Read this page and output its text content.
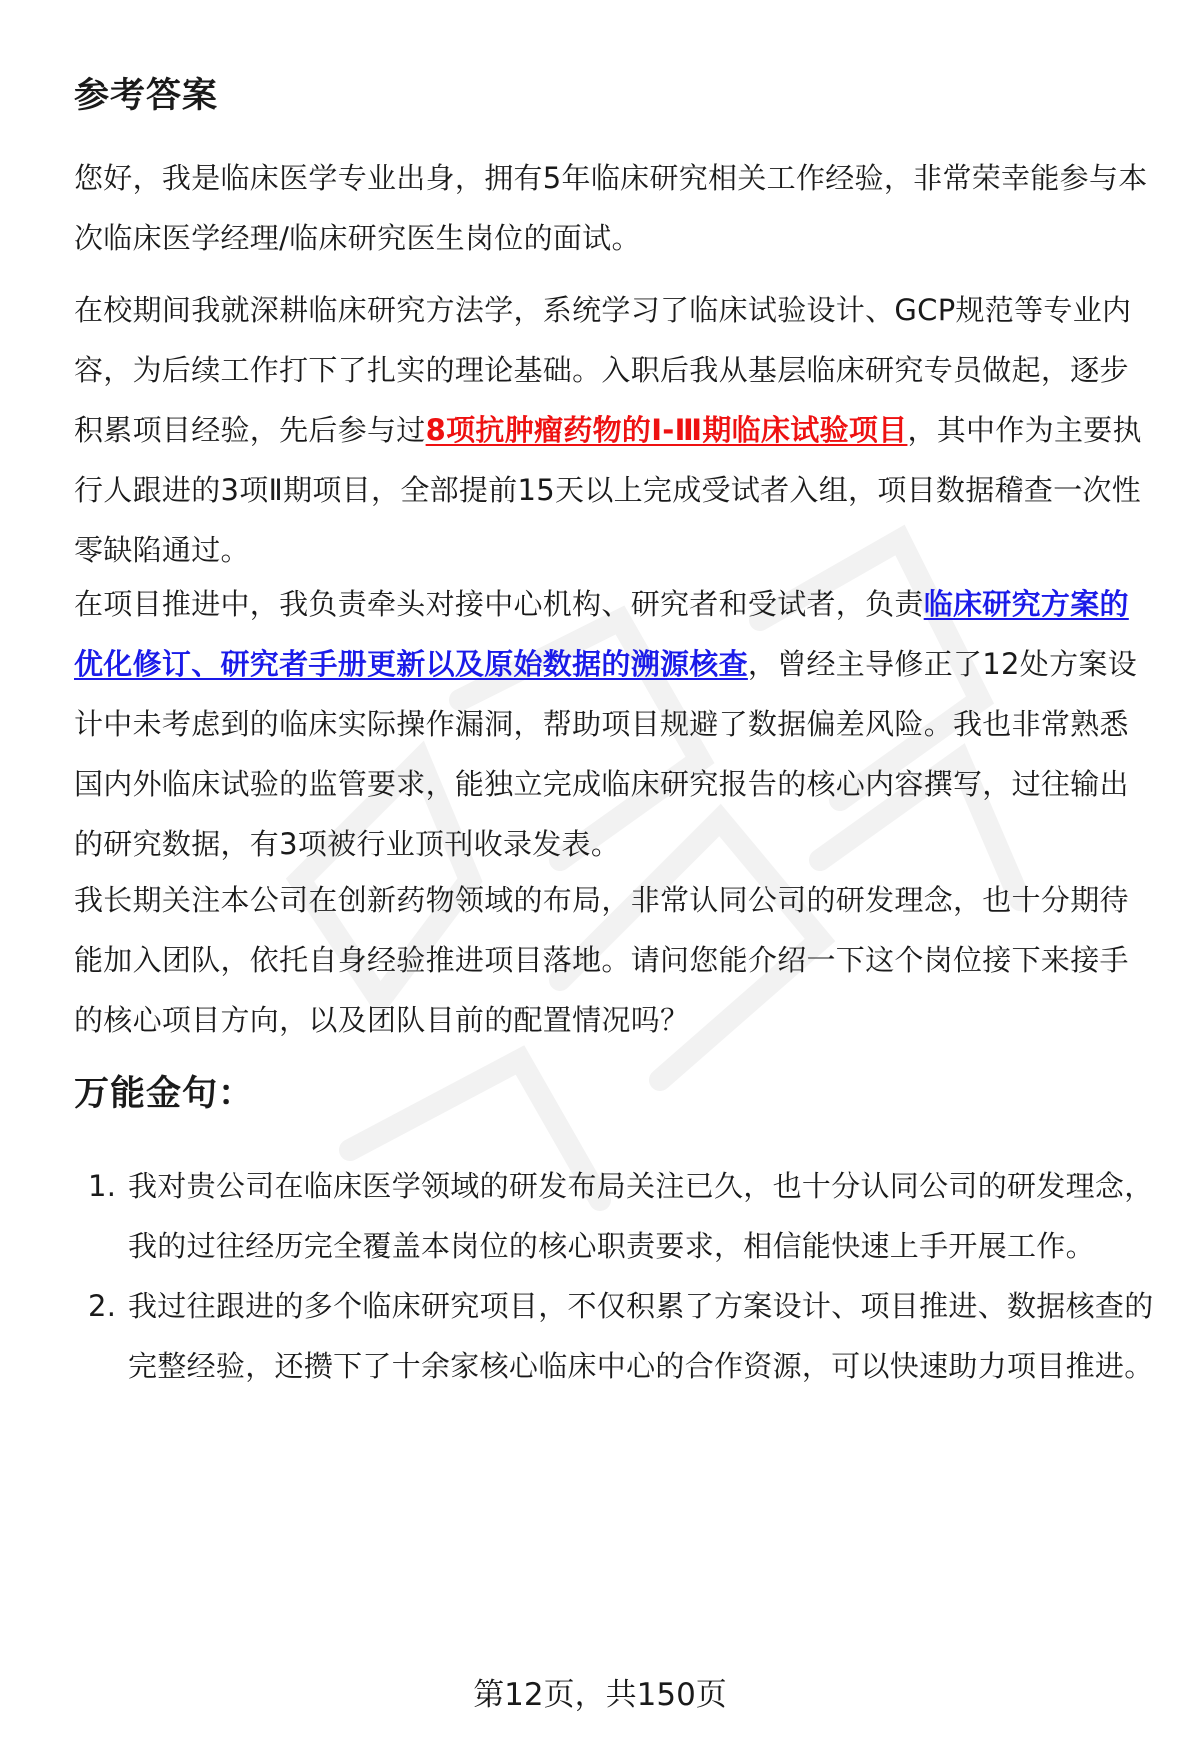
参考答案

您好，我是临床医学专业出身，拥有5年临床研究相关工作经验，非常荣幸能参与本次临床医学经理/临床研究医生岗位的面试。

在校期间我就深耕临床研究方法学，系统学习了临床试验设计、GCP规范等专业内容，为后续工作打下了扎实的理论基础。入职后我从基层临床研究专员做起，逐步积累项目经验，先后参与过8项抗肿瘤药物的Ⅰ-Ⅲ期临床试验项目，其中作为主要执行人跟进的3项Ⅱ期项目，全部提前15天以上完成受试者入组，项目数据稽查一次性零缺陷通过。

在项目推进中，我负责牵头对接中心机构、研究者和受试者，负责临床研究方案的优化修订、研究者手册更新以及原始数据的溯源核查，曾经主导修正了12处方案设计中未考虑到的临床实际操作漏洞，帮助项目规避了数据偏差风险。我也非常熟悉国内外临床试验的监管要求，能独立完成临床研究报告的核心内容撰写，过往输出的研究数据，有3项被行业顶刊收录发表。

我长期关注本公司在创新药物领域的布局，非常认同公司的研发理念，也十分期待能加入团队，依托自身经验推进项目落地。请问您能介绍一下这个岗位接下来接手的核心项目方向，以及团队目前的配置情况吗？

万能金句：
1. 我对贵公司在临床医学领域的研发布局关注已久，也十分认同公司的研发理念，我的过往经历完全覆盖本岗位的核心职责要求，相信能快速上手开展工作。
2. 我过往跟进的多个临床研究项目，不仅积累了方案设计、项目推进、数据核查的完整经验，还攒下了十余家核心临床中心的合作资源，可以快速助力项目推进。
第12页，共150页
